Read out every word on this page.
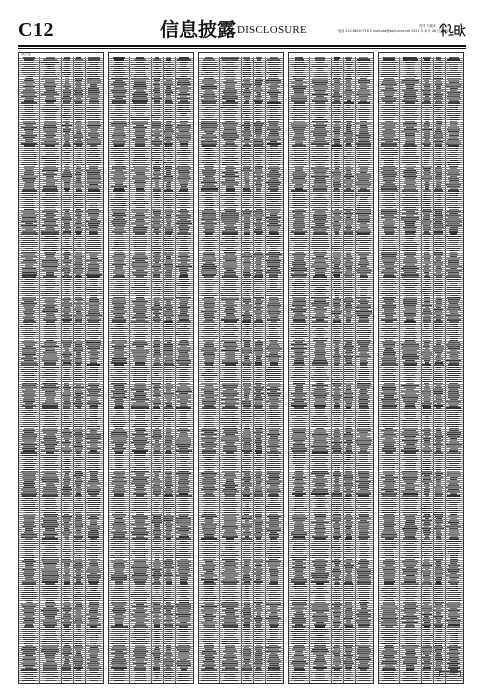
C12	信息披露DISCLOSURE	责任 王晓庆
电话 010-68007716 E-mail:zbs@zqrb.sina.net 2021 年 8 月 28 日 星期六
(续上表)
(下转C13版)
